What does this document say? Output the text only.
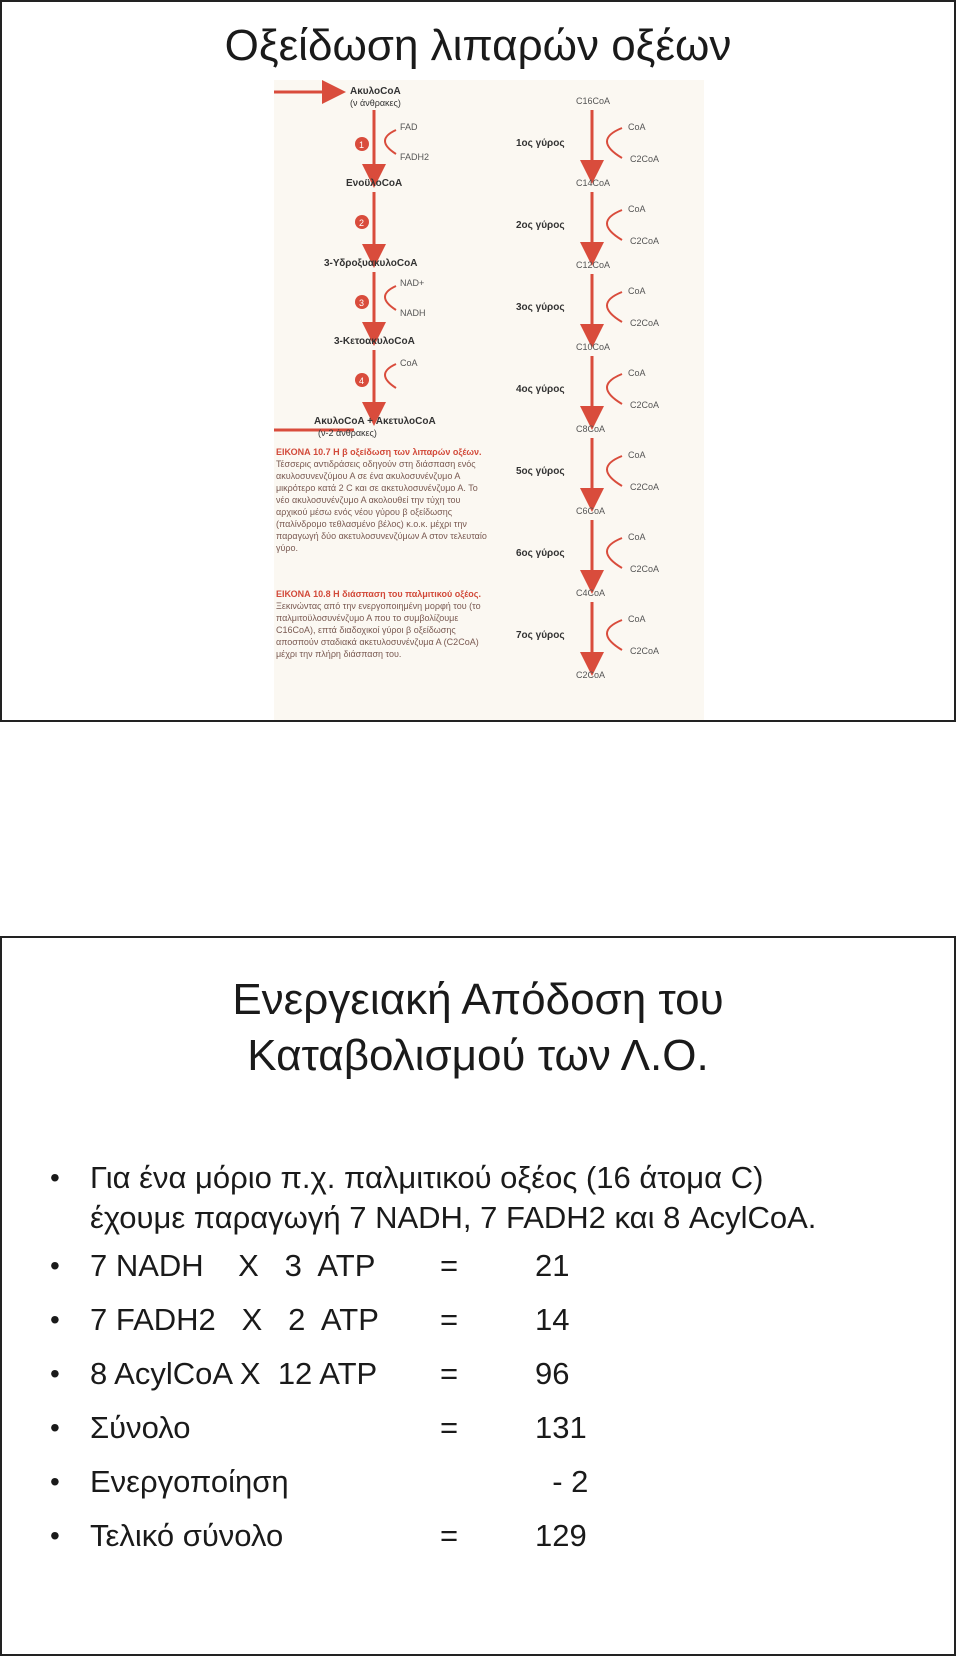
Οξείδωση λιπαρών οξέων
ΑκυλοCoA
(ν άνθρακες)
1
FAD
FADH2
ΕνοϋλοCoA
2
3-ΥδροξυακυλοCoA
3
NAD+
NADH
3-ΚετοακυλοCoA
4
CoA
ΑκυλοCoA + ΑκετυλοCoA
(ν-2 άνθρακες)
C16CoA
1ος γύρος
CoA
C2CoA
C14CoA
2ος γύρος
CoA
C2CoA
C12CoA
3ος γύρος
CoA
C2CoA
C10CoA
4ος γύρος
CoA
C2CoA
C8CoA
5ος γύρος
CoA
C2CoA
C6CoA
6ος γύρος
CoA
C2CoA
C4CoA
7ος γύρος
CoA
C2CoA
C2CoA
ΕΙΚΟΝΑ 10.7 Η β οξείδωση των λιπαρών οξέων. Τέσσερις αντιδράσεις οδηγούν στη διάσπαση ενός ακυλοσυνενζύμου Α σε ένα ακυλοσυνένζυμο Α μικρότερο κατά 2 C και σε ακετυλοσυνένζυμο Α. Το νέο ακυλοσυνένζυμο Α ακολουθεί την τύχη του αρχικού μέσω ενός νέου γύρου β οξείδωσης (παλίνδρομο τεθλασμένο βέλος) κ.ο.κ. μέχρι την παραγωγή δύο ακετυλοσυνενζύμων Α στον τελευταίο γύρο.
ΕΙΚΟΝΑ 10.8 Η διάσπαση του παλμιτικού οξέος. Ξεκινώντας από την ενεργοποιημένη μορφή του (το παλμιτοϋλοσυνένζυμο Α που το συμβολίζουμε C16CoA), επτά διαδοχικοί γύροι β οξείδωσης αποσπούν σταδιακά ακετυλοσυνένζυμα Α (C2CoA) μέχρι την πλήρη διάσπαση του.
Ενεργειακή Απόδοση του
Καταβολισμού των Λ.Ο.
• Για ένα μόριο π.χ. παλμιτικού οξέος (16 άτομα C)
έχουμε παραγωγή 7 NADH, 7 FADH2 και 8 AcylCoA.
• 7 NADH    X   3  ATP = 21
• 7 FADH2   X   2  ATP = 14
• 8 AcylCoA X  12 ATP = 96
• Σύνολο	= 131
• Ενεργοποίηση	- 2
• Τελικό σύνολο	= 129
